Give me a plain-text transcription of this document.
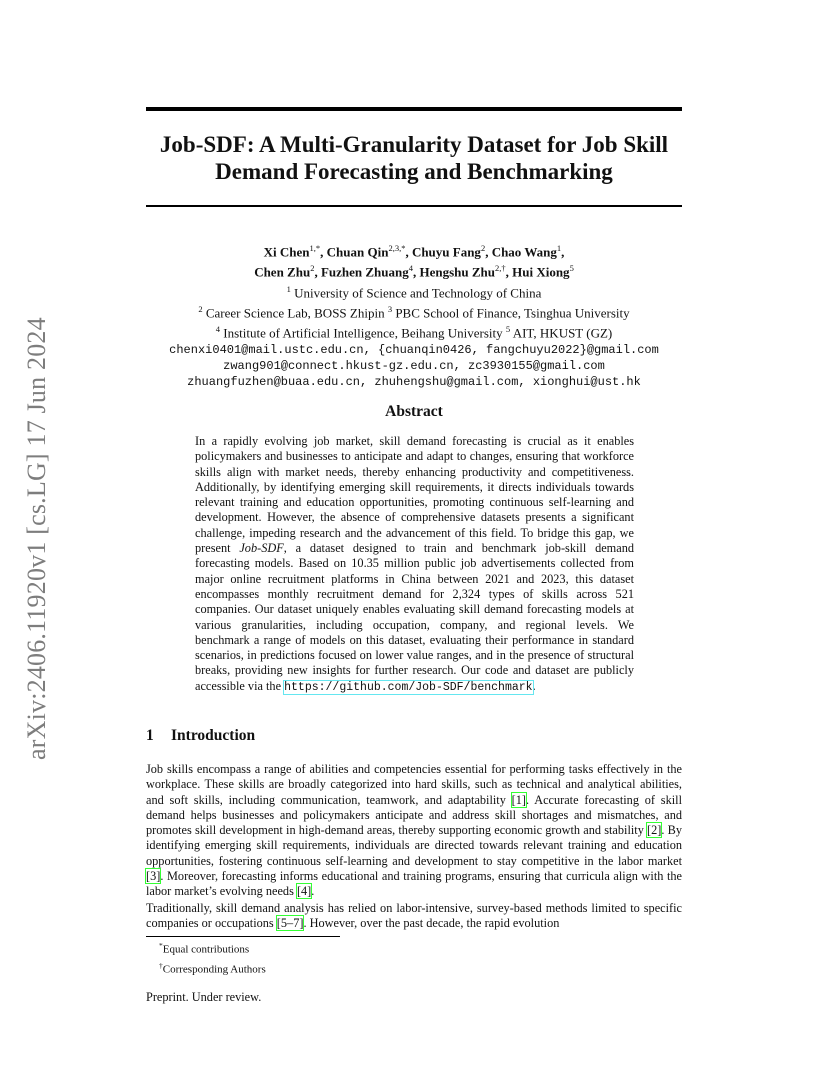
arXiv:2406.11920v1 [cs.LG] 17 Jun 2024
Job-SDF: A Multi-Granularity Dataset for Job Skill
Demand Forecasting and Benchmarking
Xi Chen$^{1,*}$, Chuan Qin$^{2,3,*}$, Chuyu Fang$^2$, Chao Wang$^1$,
Chen Zhu$^2$, Fuzhen Zhuang$^4$, Hengshu Zhu$^{2,\dagger}$, Hui Xiong$^5$
$^1$ University of Science and Technology of China
$^2$ Career Science Lab, BOSS Zhipin $^3$ PBC School of Finance, Tsinghua University
$^4$ Institute of Artificial Intelligence, Beihang University $^5$ AIT, HKUST (GZ)
chenxi0401@mail.ustc.edu.cn, {chuanqin0426, fangchuyu2022}@gmail.com
zwang901@connect.hkust-gz.edu.cn, zc3930155@gmail.com
zhuangfuzhen@buaa.edu.cn, zhuhengshu@gmail.com, xionghui@ust.hk
Abstract
In a rapidly evolving job market, skill demand forecasting is crucial as it enables policymakers and businesses to anticipate and adapt to changes, ensuring that workforce skills align with market needs, thereby enhancing productivity and competitiveness. Additionally, by identifying emerging skill requirements, it directs individuals towards relevant training and education opportunities, promoting continuous self-learning and development. However, the absence of comprehensive datasets presents a significant challenge, impeding research and the advancement of this field. To bridge this gap, we present Job-SDF, a dataset designed to train and benchmark job-skill demand forecasting models. Based on 10.35 million public job advertisements collected from major online recruitment platforms in China between 2021 and 2023, this dataset encompasses monthly recruitment demand for 2,324 types of skills across 521 companies. Our dataset uniquely enables evaluating skill demand forecasting models at various granularities, including occupation, company, and regional levels. We benchmark a range of models on this dataset, evaluating their performance in standard scenarios, in predictions focused on lower value ranges, and in the presence of structural breaks, providing new insights for further research. Our code and dataset are publicly accessible via the https://github.com/Job-SDF/benchmark.
1 Introduction
Job skills encompass a range of abilities and competencies essential for performing tasks effectively in the workplace. These skills are broadly categorized into hard skills, such as technical and analytical abilities, and soft skills, including communication, teamwork, and adaptability [1]. Accurate forecasting of skill demand helps businesses and policymakers anticipate and address skill shortages and mismatches, and promotes skill development in high-demand areas, thereby supporting economic growth and stability [2]. By identifying emerging skill requirements, individuals are directed towards relevant training and education opportunities, fostering continuous self-learning and development to stay competitive in the labor market [3]. Moreover, forecasting informs educational and training programs, ensuring that curricula align with the labor market’s evolving needs [4].
Traditionally, skill demand analysis has relied on labor-intensive, survey-based methods limited to specific companies or occupations [5–7]. However, over the past decade, the rapid evolution
*Equal contributions
†Corresponding Authors
Preprint. Under review.
